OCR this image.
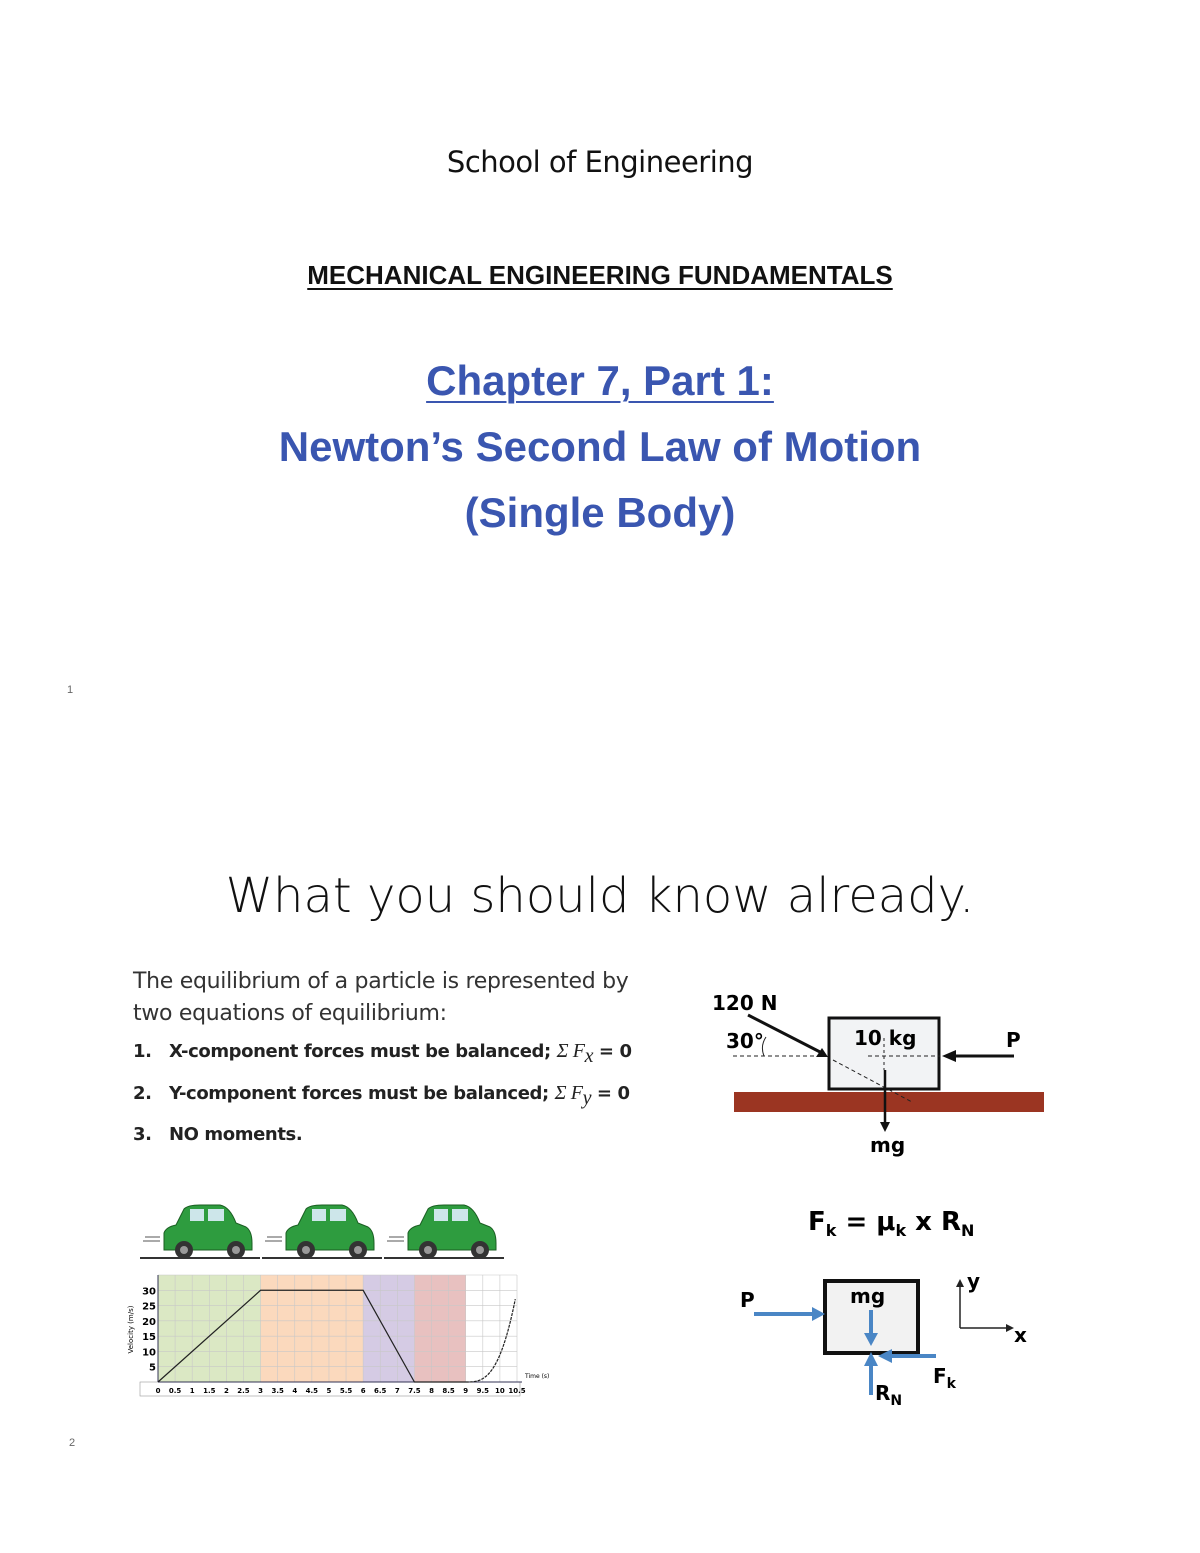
School of Engineering
MECHANICAL ENGINEERING FUNDAMENTALS
Chapter 7, Part 1:
Newton’s Second Law of Motion
(Single Body)
1
What you should know already.
The equilibrium of a particle is represented by two equations of equilibrium:
1. X-component forces must be balanced; Σ $F_x = 0$
2. Y-component forces must be balanced; Σ $F_y = 0$
3. NO moments.
120 N
30°	10 kg	P
mg
$F_k = \mu_k$ x $R_N$
P	mg
$F_k$
$R_N$
y
x
0 0.5 1 1.5 2 2.5 3 3.5 4 4.5 5 5.5 6 6.5 7 7.5 8 8.5 9 9.5 10 10.5
5
10
15
20
25
30
Time (s)
Velocity (m/s)
2
